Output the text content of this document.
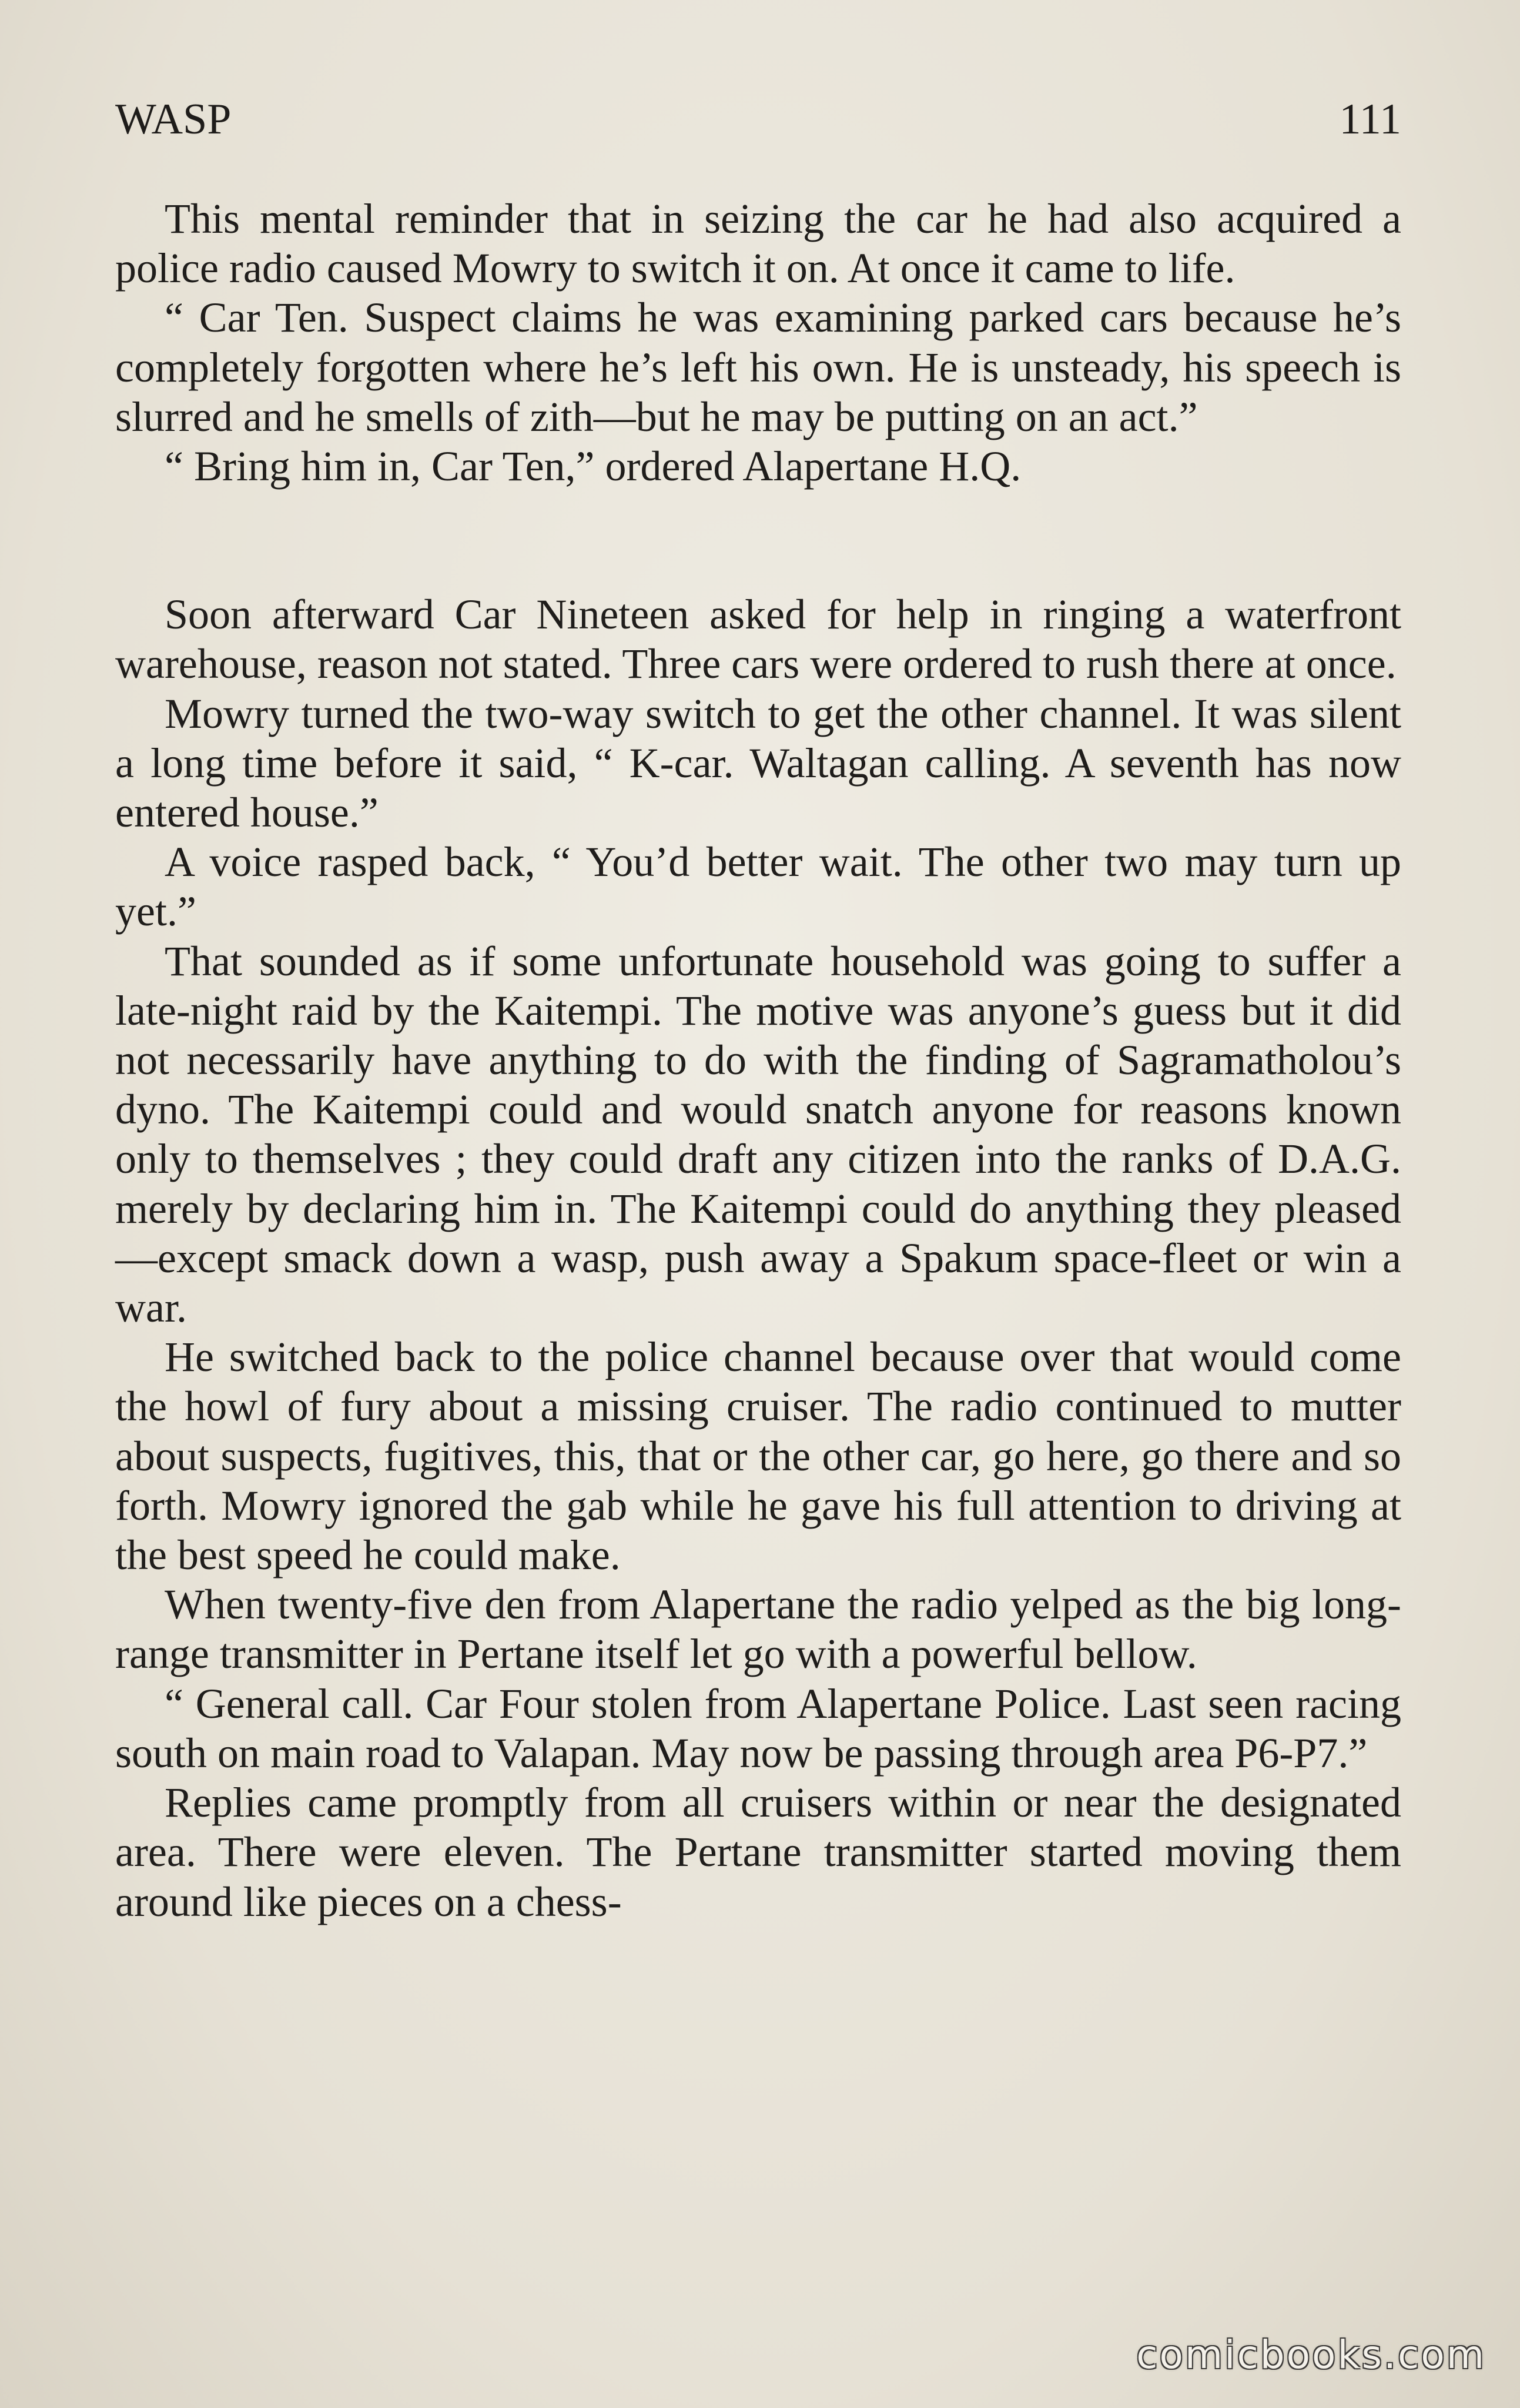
WASP	111

This mental reminder that in seizing the car he had also acquired a police radio caused Mowry to switch it on. At once it came to life.

“ Car Ten. Suspect claims he was examining parked cars because he’s completely forgotten where he’s left his own. He is unsteady, his speech is slurred and he smells of zith—but he may be putting on an act.”

“ Bring him in, Car Ten,” ordered Alapertane H.Q.

Soon afterward Car Nineteen asked for help in ringing a waterfront warehouse, reason not stated. Three cars were ordered to rush there at once.

Mowry turned the two-way switch to get the other channel. It was silent a long time before it said, “ K-car. Waltagan calling. A seventh has now entered house.”

A voice rasped back, “ You’d better wait. The other two may turn up yet.”

That sounded as if some unfortunate household was going to suffer a late-night raid by the Kaitempi. The motive was anyone’s guess but it did not necessarily have anything to do with the finding of Sagramatholou’s dyno. The Kaitempi could and would snatch anyone for reasons known only to themselves ; they could draft any citizen into the ranks of D.A.G. merely by declaring him in. The Kaitempi could do anything they pleased—except smack down a wasp, push away a Spakum space-fleet or win a war.

He switched back to the police channel because over that would come the howl of fury about a missing cruiser. The radio continued to mutter about suspects, fugitives, this, that or the other car, go here, go there and so forth. Mowry ignored the gab while he gave his full attention to driving at the best speed he could make.

When twenty-five den from Alapertane the radio yelped as the big long-range transmitter in Pertane itself let go with a powerful bellow.

“ General call. Car Four stolen from Alapertane Police. Last seen racing south on main road to Valapan. May now be passing through area P6-P7.”

Replies came promptly from all cruisers within or near the designated area. There were eleven. The Pertane transmitter started moving them around like pieces on a chess-

comicbooks.com
